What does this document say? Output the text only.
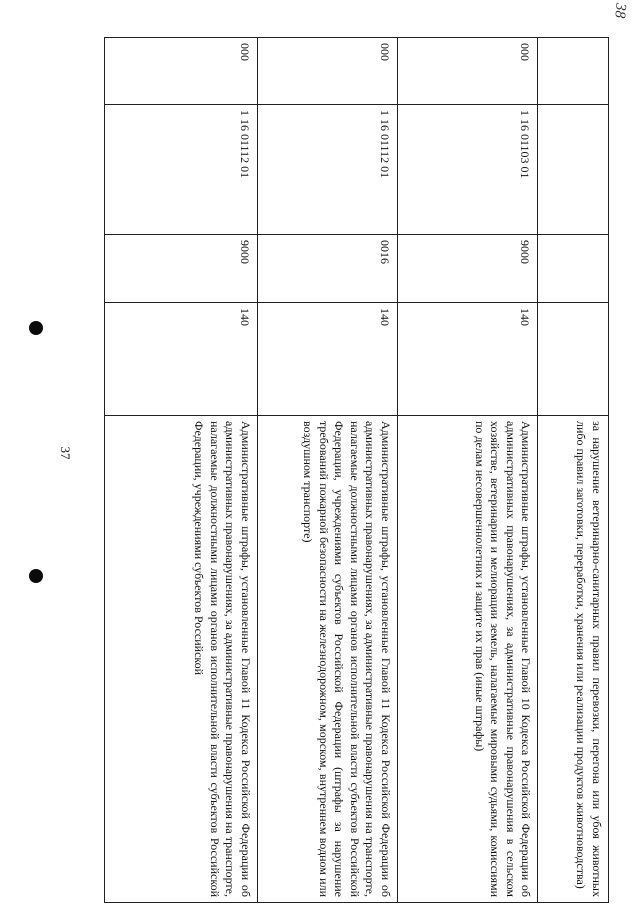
37
38
				за нарушение ветеринарно-санитарных правил перевозки, перегона или убоя животных либо правил заготовки, переработки, хранения или реализации продуктов животноводства)
000	1 16 01103 01	9000	140	Административные штрафы, установленные Главой 10 Кодекса Российской Федерации об административных правонарушениях, за административные правонарушения в сельском хозяйстве, ветеринарии и мелиорации земель, налагаемые мировыми судьями, комиссиями по делам несовершеннолетних и защите их прав (иные штрафы)
000	1 16 01112 01	0016	140	Административные штрафы, установленные Главой 11 Кодекса Российской Федерации об административных правонарушениях, за административные правонарушения на транспорте, налагаемые должностными лицами органов исполнительной власти субъектов Российской Федерации, учреждениями субъектов Российской Федерации (штрафы за нарушение требований пожарной безопасности на железнодорожном, морском, внутреннем водном или воздушном транспорте)
000	1 16 01112 01	9000	140	Административные штрафы, установленные Главой 11 Кодекса Российской Федерации об административных правонарушениях, за административные правонарушения на транспорте, налагаемые должностными лицами органов исполнительной власти субъектов Российской Федерации, учреждениями субъектов Российской
